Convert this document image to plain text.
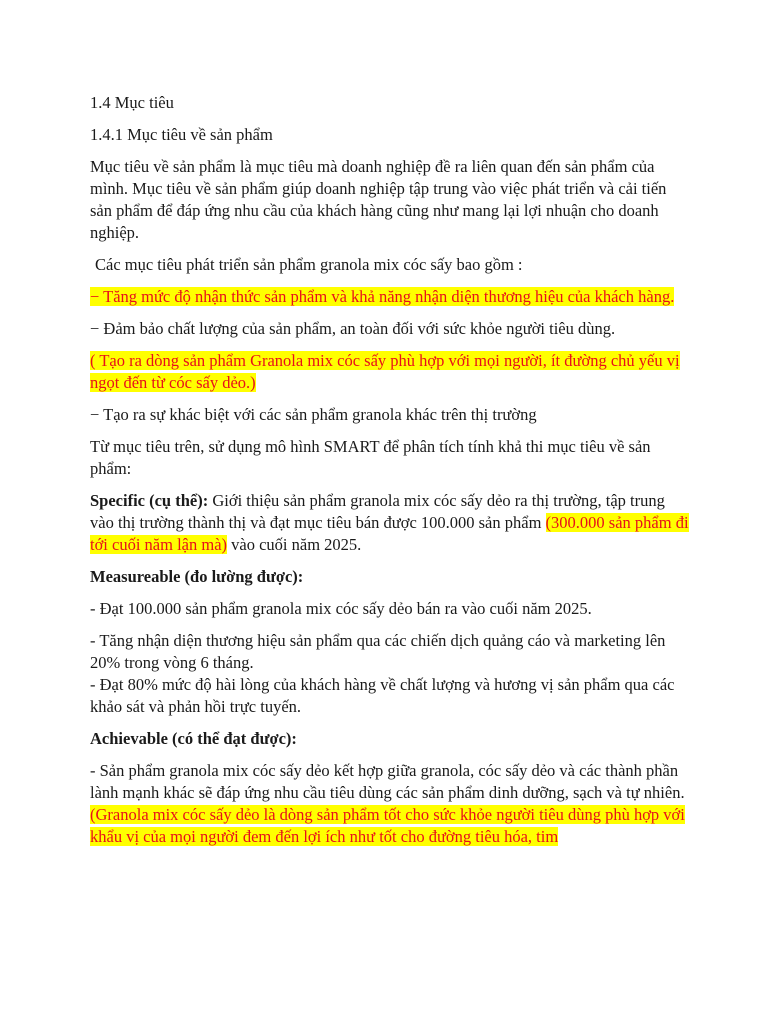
1.4 Mục tiêu

1.4.1 Mục tiêu về sản phẩm

Mục tiêu về sản phẩm là mục tiêu mà doanh nghiệp đề ra liên quan đến sản phẩm của mình. Mục tiêu về sản phẩm giúp doanh nghiệp tập trung vào việc phát triển và cải tiến sản phẩm để đáp ứng nhu cầu của khách hàng cũng như mang lại lợi nhuận cho doanh nghiệp.

Các mục tiêu phát triển sản phẩm granola mix cóc sấy bao gồm :

− Tăng mức độ nhận thức sản phẩm và khả năng nhận diện thương hiệu của khách hàng.

− Đảm bảo chất lượng của sản phẩm, an toàn đối với sức khỏe người tiêu dùng.

( Tạo ra dòng sản phẩm Granola mix cóc sấy phù hợp với mọi người, ít đường chủ yếu vị ngọt đến từ cóc sấy dẻo.)

− Tạo ra sự khác biệt với các sản phẩm granola khác trên thị trường

Từ mục tiêu trên, sử dụng mô hình SMART để phân tích tính khả thi mục tiêu về sản phẩm:

Specific (cụ thể): Giới thiệu sản phẩm granola mix cóc sấy dẻo ra thị trường, tập trung vào thị trường thành thị và đạt mục tiêu bán được 100.000 sản phẩm (300.000 sản phẩm đi tới cuối năm lận mà) vào cuối năm 2025.

Measureable (đo lường được):

- Đạt 100.000 sản phẩm granola mix cóc sấy dẻo bán ra vào cuối năm 2025.

- Tăng nhận diện thương hiệu sản phẩm qua các chiến dịch quảng cáo và marketing lên 20% trong vòng 6 tháng.

- Đạt 80% mức độ hài lòng của khách hàng về chất lượng và hương vị sản phẩm qua các khảo sát và phản hồi trực tuyến.

Achievable (có thể đạt được):

- Sản phẩm granola mix cóc sấy dẻo kết hợp giữa granola, cóc sấy dẻo và các thành phần lành mạnh khác sẽ đáp ứng nhu cầu tiêu dùng các sản phẩm dinh dưỡng, sạch và tự nhiên.

(Granola mix cóc sấy dẻo là dòng sản phẩm tốt cho sức khỏe người tiêu dùng phù hợp với khẩu vị của mọi người đem đến lợi ích như tốt cho đường tiêu hóa, tim
